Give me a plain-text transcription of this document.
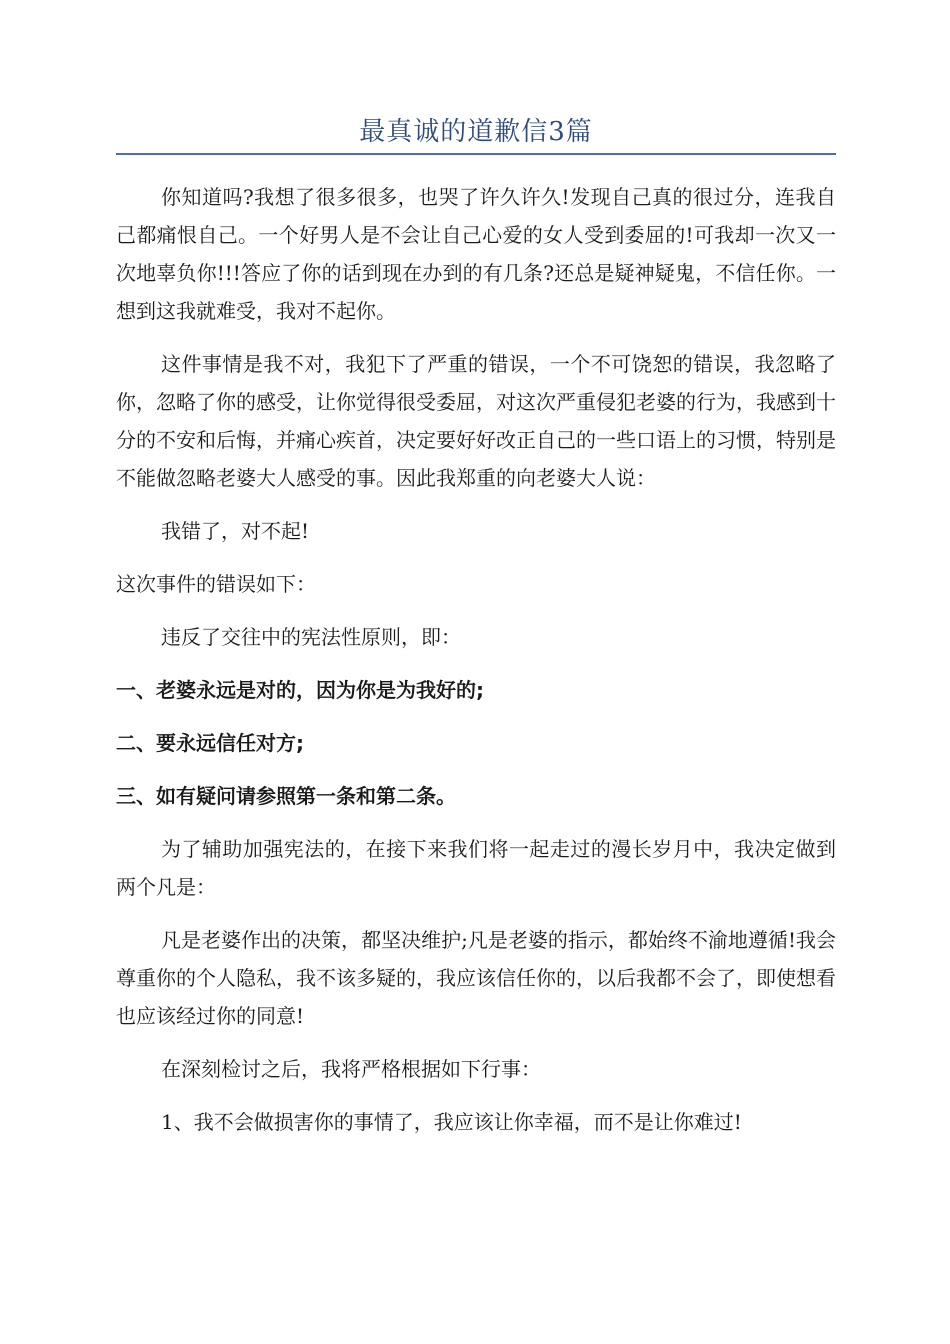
最真诚的道歉信3篇

你知道吗?我想了很多很多，也哭了许久许久!发现自己真的很过分，连我自己都痛恨自己。一个好男人是不会让自己心爱的女人受到委屈的!可我却一次又一次地辜负你!!!答应了你的话到现在办到的有几条?还总是疑神疑鬼，不信任你。一想到这我就难受，我对不起你。

这件事情是我不对，我犯下了严重的错误，一个不可饶恕的错误，我忽略了你，忽略了你的感受，让你觉得很受委屈，对这次严重侵犯老婆的行为，我感到十分的不安和后悔，并痛心疾首，决定要好好改正自己的一些口语上的习惯，特别是不能做忽略老婆大人感受的事。因此我郑重的向老婆大人说：

我错了，对不起!

这次事件的错误如下：

违反了交往中的宪法性原则，即：

一、老婆永远是对的，因为你是为我好的;

二、要永远信任对方;

三、如有疑问请参照第一条和第二条。

为了辅助加强宪法的，在接下来我们将一起走过的漫长岁月中，我决定做到两个凡是：

凡是老婆作出的决策，都坚决维护;凡是老婆的指示，都始终不渝地遵循!我会尊重你的个人隐私，我不该多疑的，我应该信任你的，以后我都不会了，即使想看也应该经过你的同意!

在深刻检讨之后，我将严格根据如下行事：

1、我不会做损害你的事情了，我应该让你幸福，而不是让你难过!
